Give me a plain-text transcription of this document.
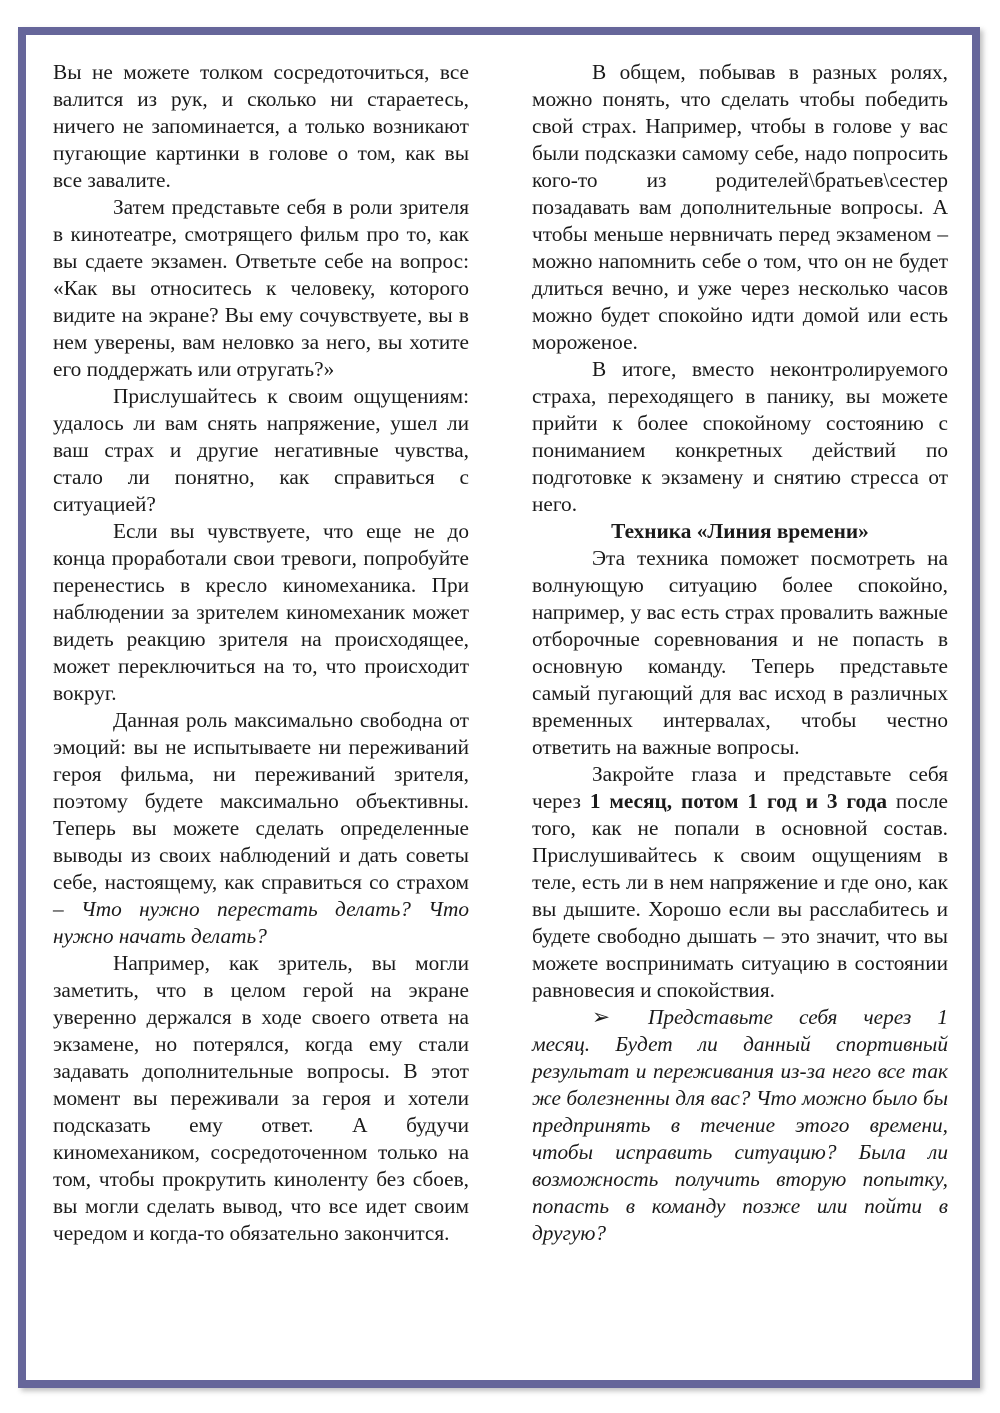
Вы не можете толком сосредоточиться, все валится из рук, и сколько ни стараетесь, ничего не запоминается, а только возникают пугающие картинки в голове о том, как вы все завалите.

Затем представьте себя в роли зрителя в кинотеатре, смотрящего фильм про то, как вы сдаете экзамен. Ответьте себе на вопрос: «Как вы относитесь к человеку, которого видите на экране? Вы ему сочувствуете, вы в нем уверены, вам неловко за него, вы хотите его поддержать или отругать?»

Прислушайтесь к своим ощущениям: удалось ли вам снять напряжение, ушел ли ваш страх и другие негативные чувства, стало ли понятно, как справиться с ситуацией?

Если вы чувствуете, что еще не до конца проработали свои тревоги, попробуйте перенестись в кресло киномеханика. При наблюдении за зрителем киномеханик может видеть реакцию зрителя на происходящее, может переключиться на то, что происходит вокруг.

Данная роль максимально свободна от эмоций: вы не испытываете ни переживаний героя фильма, ни переживаний зрителя, поэтому будете максимально объективны. Теперь вы можете сделать определенные выводы из своих наблюдений и дать советы себе, настоящему, как справиться со страхом – Что нужно перестать делать? Что нужно начать делать?

Например, как зритель, вы могли заметить, что в целом герой на экране уверенно держался в ходе своего ответа на экзамене, но потерялся, когда ему стали задавать дополнительные вопросы. В этот момент вы переживали за героя и хотели подсказать ему ответ. А будучи киномехаником, сосредоточенном только на том, чтобы прокрутить киноленту без сбоев, вы могли сделать вывод, что все идет своим чередом и когда-то обязательно закончится.

В общем, побывав в разных ролях, можно понять, что сделать чтобы победить свой страх. Например, чтобы в голове у вас были подсказки самому себе, надо попросить кого-то из родителей\братьев\сестер позадавать вам дополнительные вопросы. А чтобы меньше нервничать перед экзаменом – можно напомнить себе о том, что он не будет длиться вечно, и уже через несколько часов можно будет спокойно идти домой или есть мороженое.

В итоге, вместо неконтролируемого страха, переходящего в панику, вы можете прийти к более спокойному состоянию с пониманием конкретных действий по подготовке к экзамену и снятию стресса от него.

Техника «Линия времени»

Эта техника поможет посмотреть на волнующую ситуацию более спокойно, например, у вас есть страх провалить важные отборочные соревнования и не попасть в основную команду. Теперь представьте самый пугающий для вас исход в различных временных интервалах, чтобы честно ответить на важные вопросы.

Закройте глаза и представьте себя через 1 месяц, потом 1 год и 3 года после того, как не попали в основной состав. Прислушивайтесь к своим ощущениям в теле, есть ли в нем напряжение и где оно, как вы дышите. Хорошо если вы расслабитесь и будете свободно дышать – это значит, что вы можете воспринимать ситуацию в состоянии равновесия и спокойствия.

➢ Представьте себя через 1 месяц. Будет ли данный спортивный результат и переживания из-за него все так же болезненны для вас? Что можно было бы предпринять в течение этого времени, чтобы исправить ситуацию? Была ли возможность получить вторую попытку, попасть в команду позже или пойти в другую?
